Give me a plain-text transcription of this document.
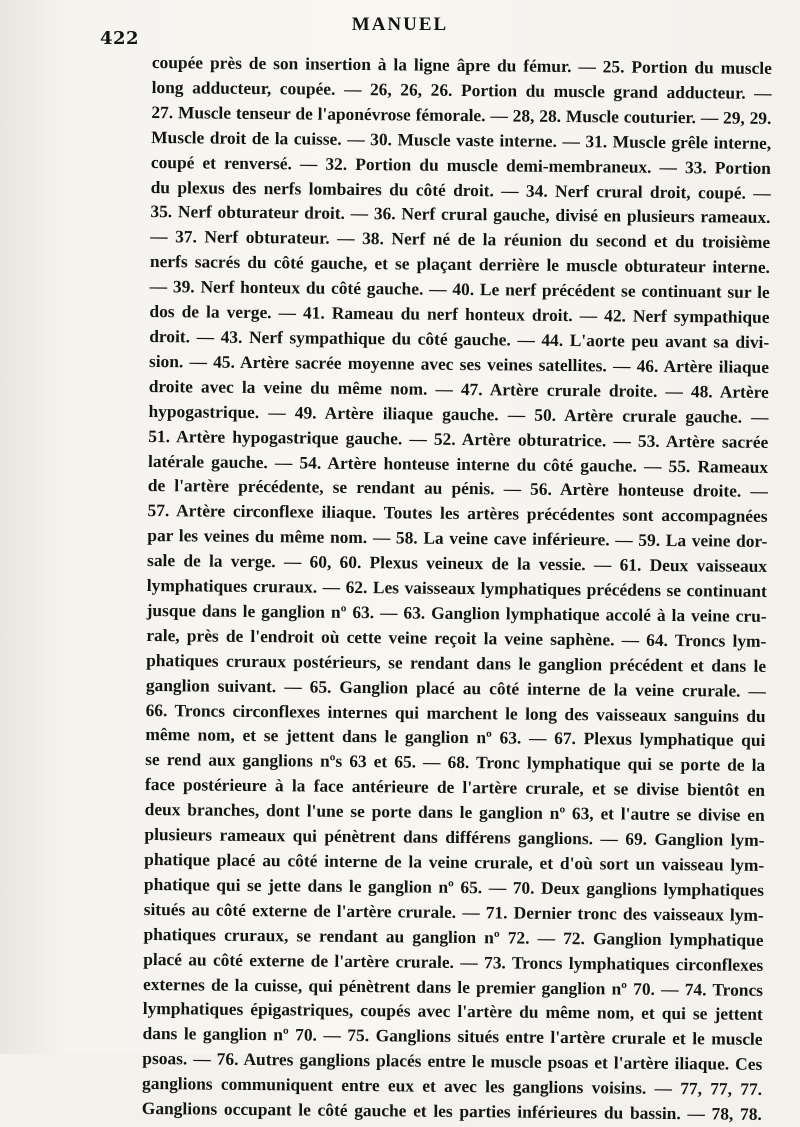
422
MANUEL
coupée près de son insertion à la ligne âpre du fémur. — 25. Portion du muscle
long adducteur, coupée. — 26, 26, 26. Portion du muscle grand adducteur. —
27. Muscle tenseur de l'aponévrose fémorale. — 28, 28. Muscle couturier. — 29, 29.
Muscle droit de la cuisse. — 30. Muscle vaste interne. — 31. Muscle grêle interne,
coupé et renversé. — 32. Portion du muscle demi-membraneux. — 33. Portion
du plexus des nerfs lombaires du côté droit. — 34. Nerf crural droit, coupé. —
35. Nerf obturateur droit. — 36. Nerf crural gauche, divisé en plusieurs rameaux.
— 37. Nerf obturateur. — 38. Nerf né de la réunion du second et du troisième
nerfs sacrés du côté gauche, et se plaçant derrière le muscle obturateur interne.
— 39. Nerf honteux du côté gauche. — 40. Le nerf précédent se continuant sur le
dos de la verge. — 41. Rameau du nerf honteux droit. — 42. Nerf sympathique
droit. — 43. Nerf sympathique du côté gauche. — 44. L'aorte peu avant sa divi-
sion. — 45. Artère sacrée moyenne avec ses veines satellites. — 46. Artère iliaque
droite avec la veine du même nom. — 47. Artère crurale droite. — 48. Artère
hypogastrique. — 49. Artère iliaque gauche. — 50. Artère crurale gauche. —
51. Artère hypogastrique gauche. — 52. Artère obturatrice. — 53. Artère sacrée
latérale gauche. — 54. Artère honteuse interne du côté gauche. — 55. Rameaux
de l'artère précédente, se rendant au pénis. — 56. Artère honteuse droite. —
57. Artère circonflexe iliaque. Toutes les artères précédentes sont accompagnées
par les veines du même nom. — 58. La veine cave inférieure. — 59. La veine dor-
sale de la verge. — 60, 60. Plexus veineux de la vessie. — 61. Deux vaisseaux
lymphatiques cruraux. — 62. Les vaisseaux lymphatiques précédens se continuant
jusque dans le ganglion nº 63. — 63. Ganglion lymphatique accolé à la veine cru-
rale, près de l'endroit où cette veine reçoit la veine saphène. — 64. Troncs lym-
phatiques cruraux postérieurs, se rendant dans le ganglion précédent et dans le
ganglion suivant. — 65. Ganglion placé au côté interne de la veine crurale. —
66. Troncs circonflexes internes qui marchent le long des vaisseaux sanguins du
même nom, et se jettent dans le ganglion nº 63. — 67. Plexus lymphatique qui
se rend aux ganglions nºs 63 et 65. — 68. Tronc lymphatique qui se porte de la
face postérieure à la face antérieure de l'artère crurale, et se divise bientôt en
deux branches, dont l'une se porte dans le ganglion nº 63, et l'autre se divise en
plusieurs rameaux qui pénètrent dans différens ganglions. — 69. Ganglion lym-
phatique placé au côté interne de la veine crurale, et d'où sort un vaisseau lym-
phatique qui se jette dans le ganglion nº 65. — 70. Deux ganglions lymphatiques
situés au côté externe de l'artère crurale. — 71. Dernier tronc des vaisseaux lym-
phatiques cruraux, se rendant au ganglion nº 72. — 72. Ganglion lymphatique
placé au côté externe de l'artère crurale. — 73. Troncs lymphatiques circonflexes
externes de la cuisse, qui pénètrent dans le premier ganglion nº 70. — 74. Troncs
lymphatiques épigastriques, coupés avec l'artère du même nom, et qui se jettent
dans le ganglion nº 70. — 75. Ganglions situés entre l'artère crurale et le muscle
psoas. — 76. Autres ganglions placés entre le muscle psoas et l'artère iliaque. Ces
ganglions communiquent entre eux et avec les ganglions voisins. — 77, 77, 77.
Ganglions occupant le côté gauche et les parties inférieures du bassin. — 78, 78.
